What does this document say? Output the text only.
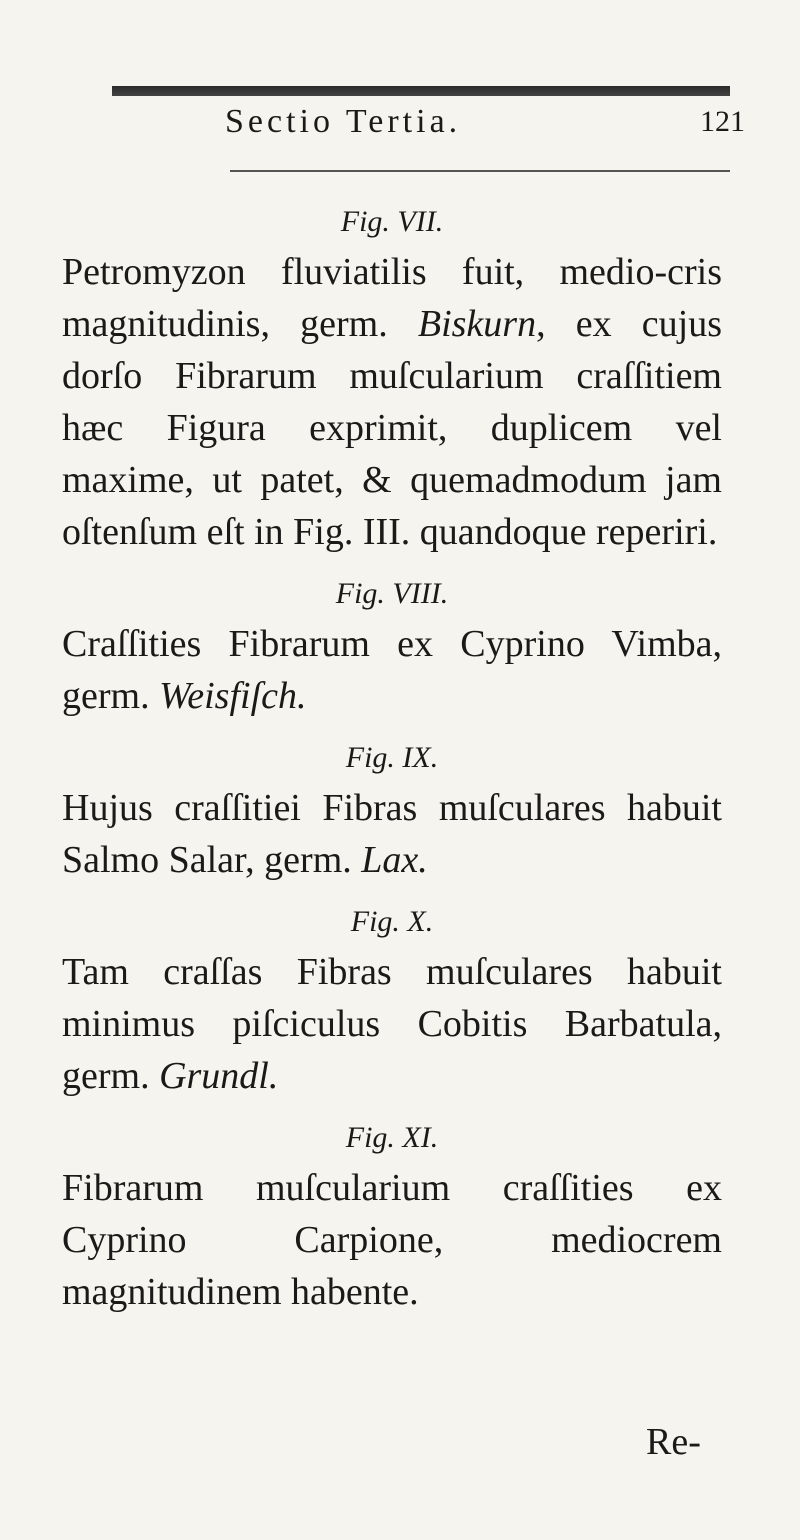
Sectio Tertia.	121
Fig. VII.
Petromyzon fluviatilis fuit, medio-cris magnitudinis, germ. Biskurn, ex cujus dorſo Fibrarum muſcularium craſſitiem hæc Figura exprimit, duplicem vel maxime, ut patet, & quemadmodum jam oſtenſum eſt in Fig. III. quandoque reperiri.
Fig. VIII.
Craſſities Fibrarum ex Cyprino Vimba, germ. Weisfiſch.
Fig. IX.
Hujus craſſitiei Fibras muſculares habuit Salmo Salar, germ. Lax.
Fig. X.
Tam craſſas Fibras muſculares habuit minimus piſciculus Cobitis Barbatula, germ. Grundl.
Fig. XI.
Fibrarum muſcularium craſſities ex Cyprino Carpione, mediocrem magnitudinem habente.
Re-
